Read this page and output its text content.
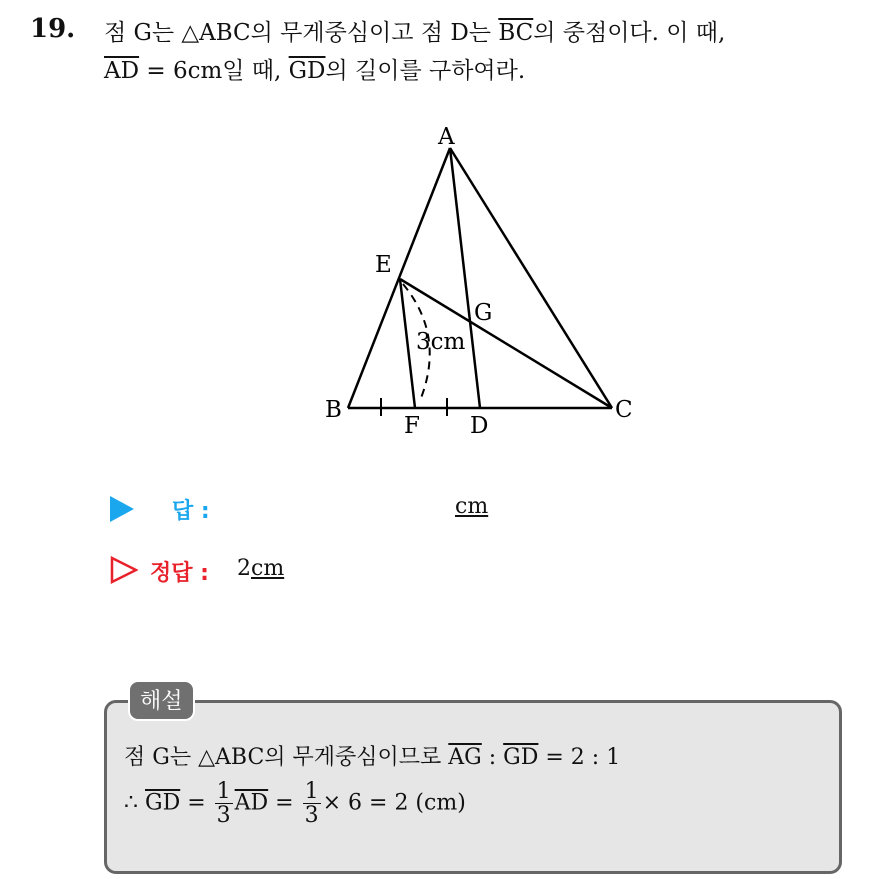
19. 점 G는 △ABC의 무게중심이고 점 D는 $\overline{BC}$의 중점이다. 이 때,
$\overline{AD} = 6cm$일 때, $\overline{GD}$의 길이를 구하여라.
A
B	C
D
E
F
G
3cm
답 :	cm
정답 : 2cm
해설
점 G는 △ABC의 무게중심이므로 $\overline{AG}$ : $\overline{GD} = 2$ : 1
∴ $\overline{GD} = \frac{1}{3} \overline{AD} = \frac{1}{3} \times 6 = 2$ (cm)
